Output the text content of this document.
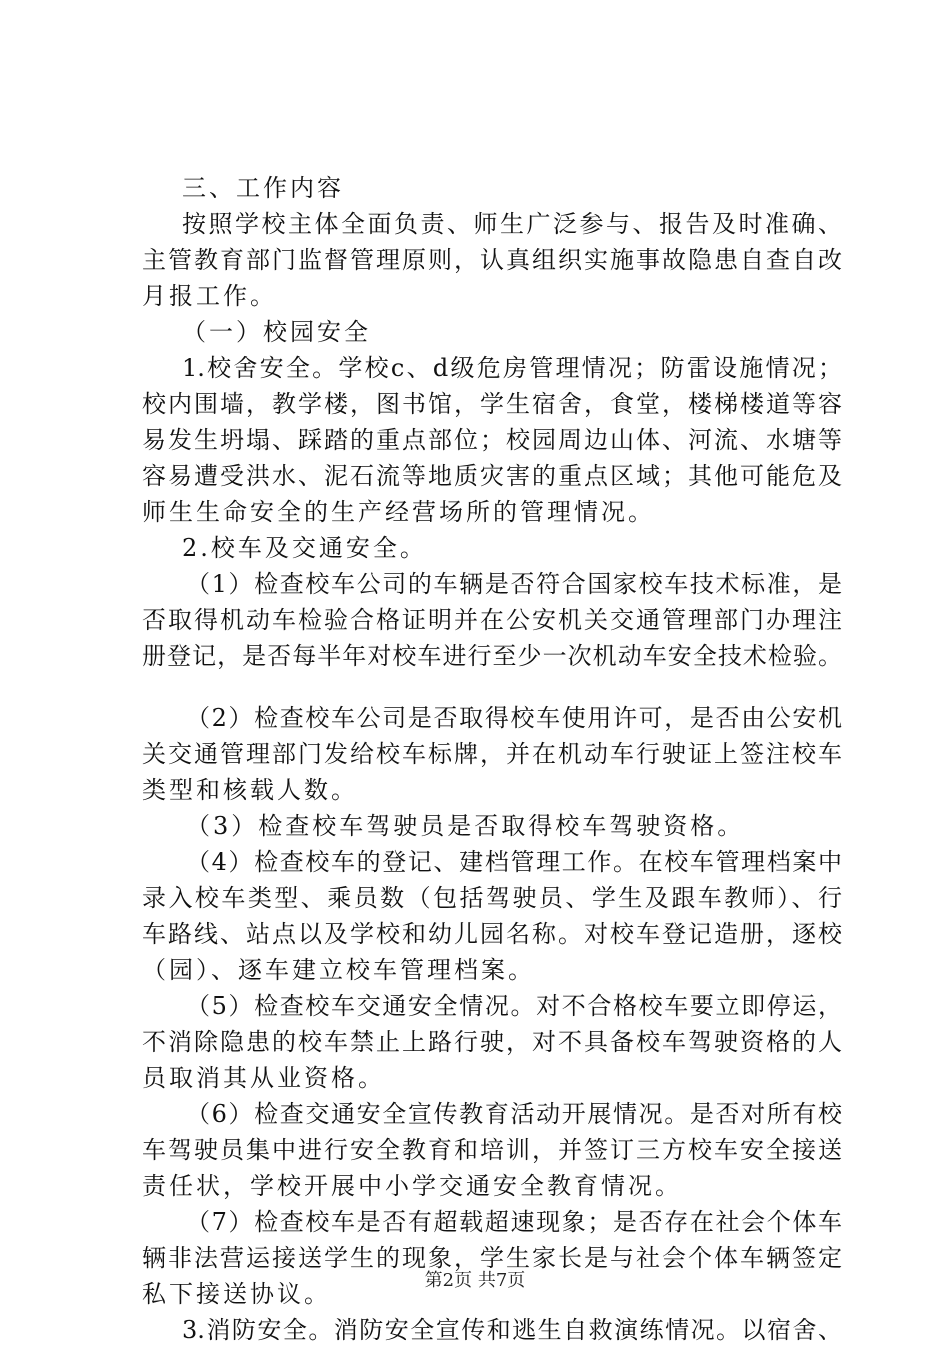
三、工作内容
按照学校主体全面负责、师生广泛参与、报告及时准确、
主管教育部门监督管理原则，认真组织实施事故隐患自查自改
月报工作。
（一）校园安全
1.校舍安全。学校c、d级危房管理情况；防雷设施情况；
校内围墙，教学楼，图书馆，学生宿舍，食堂，楼梯楼道等容
易发生坍塌、踩踏的重点部位；校园周边山体、河流、水塘等
容易遭受洪水、泥石流等地质灾害的重点区域；其他可能危及
师生生命安全的生产经营场所的管理情况。
2.校车及交通安全。
（1）检查校车公司的车辆是否符合国家校车技术标准，是
否取得机动车检验合格证明并在公安机关交通管理部门办理注
册登记，是否每半年对校车进行至少一次机动车安全技术检验。
（2）检查校车公司是否取得校车使用许可，是否由公安机
关交通管理部门发给校车标牌，并在机动车行驶证上签注校车
类型和核载人数。
（3）检查校车驾驶员是否取得校车驾驶资格。
（4）检查校车的登记、建档管理工作。在校车管理档案中
录入校车类型、乘员数（包括驾驶员、学生及跟车教师）、行
车路线、站点以及学校和幼儿园名称。对校车登记造册，逐校
（园）、逐车建立校车管理档案。
（5）检查校车交通安全情况。对不合格校车要立即停运，
不消除隐患的校车禁止上路行驶，对不具备校车驾驶资格的人
员取消其从业资格。
（6）检查交通安全宣传教育活动开展情况。是否对所有校
车驾驶员集中进行安全教育和培训，并签订三方校车安全接送
责任状，学校开展中小学交通安全教育情况。
（7）检查校车是否有超载超速现象；是否存在社会个体车
辆非法营运接送学生的现象，学生家长是与社会个体车辆签定
私下接送协议。
3.消防安全。消防安全宣传和逃生自救演练情况。以宿舍、
第2页 共7页
